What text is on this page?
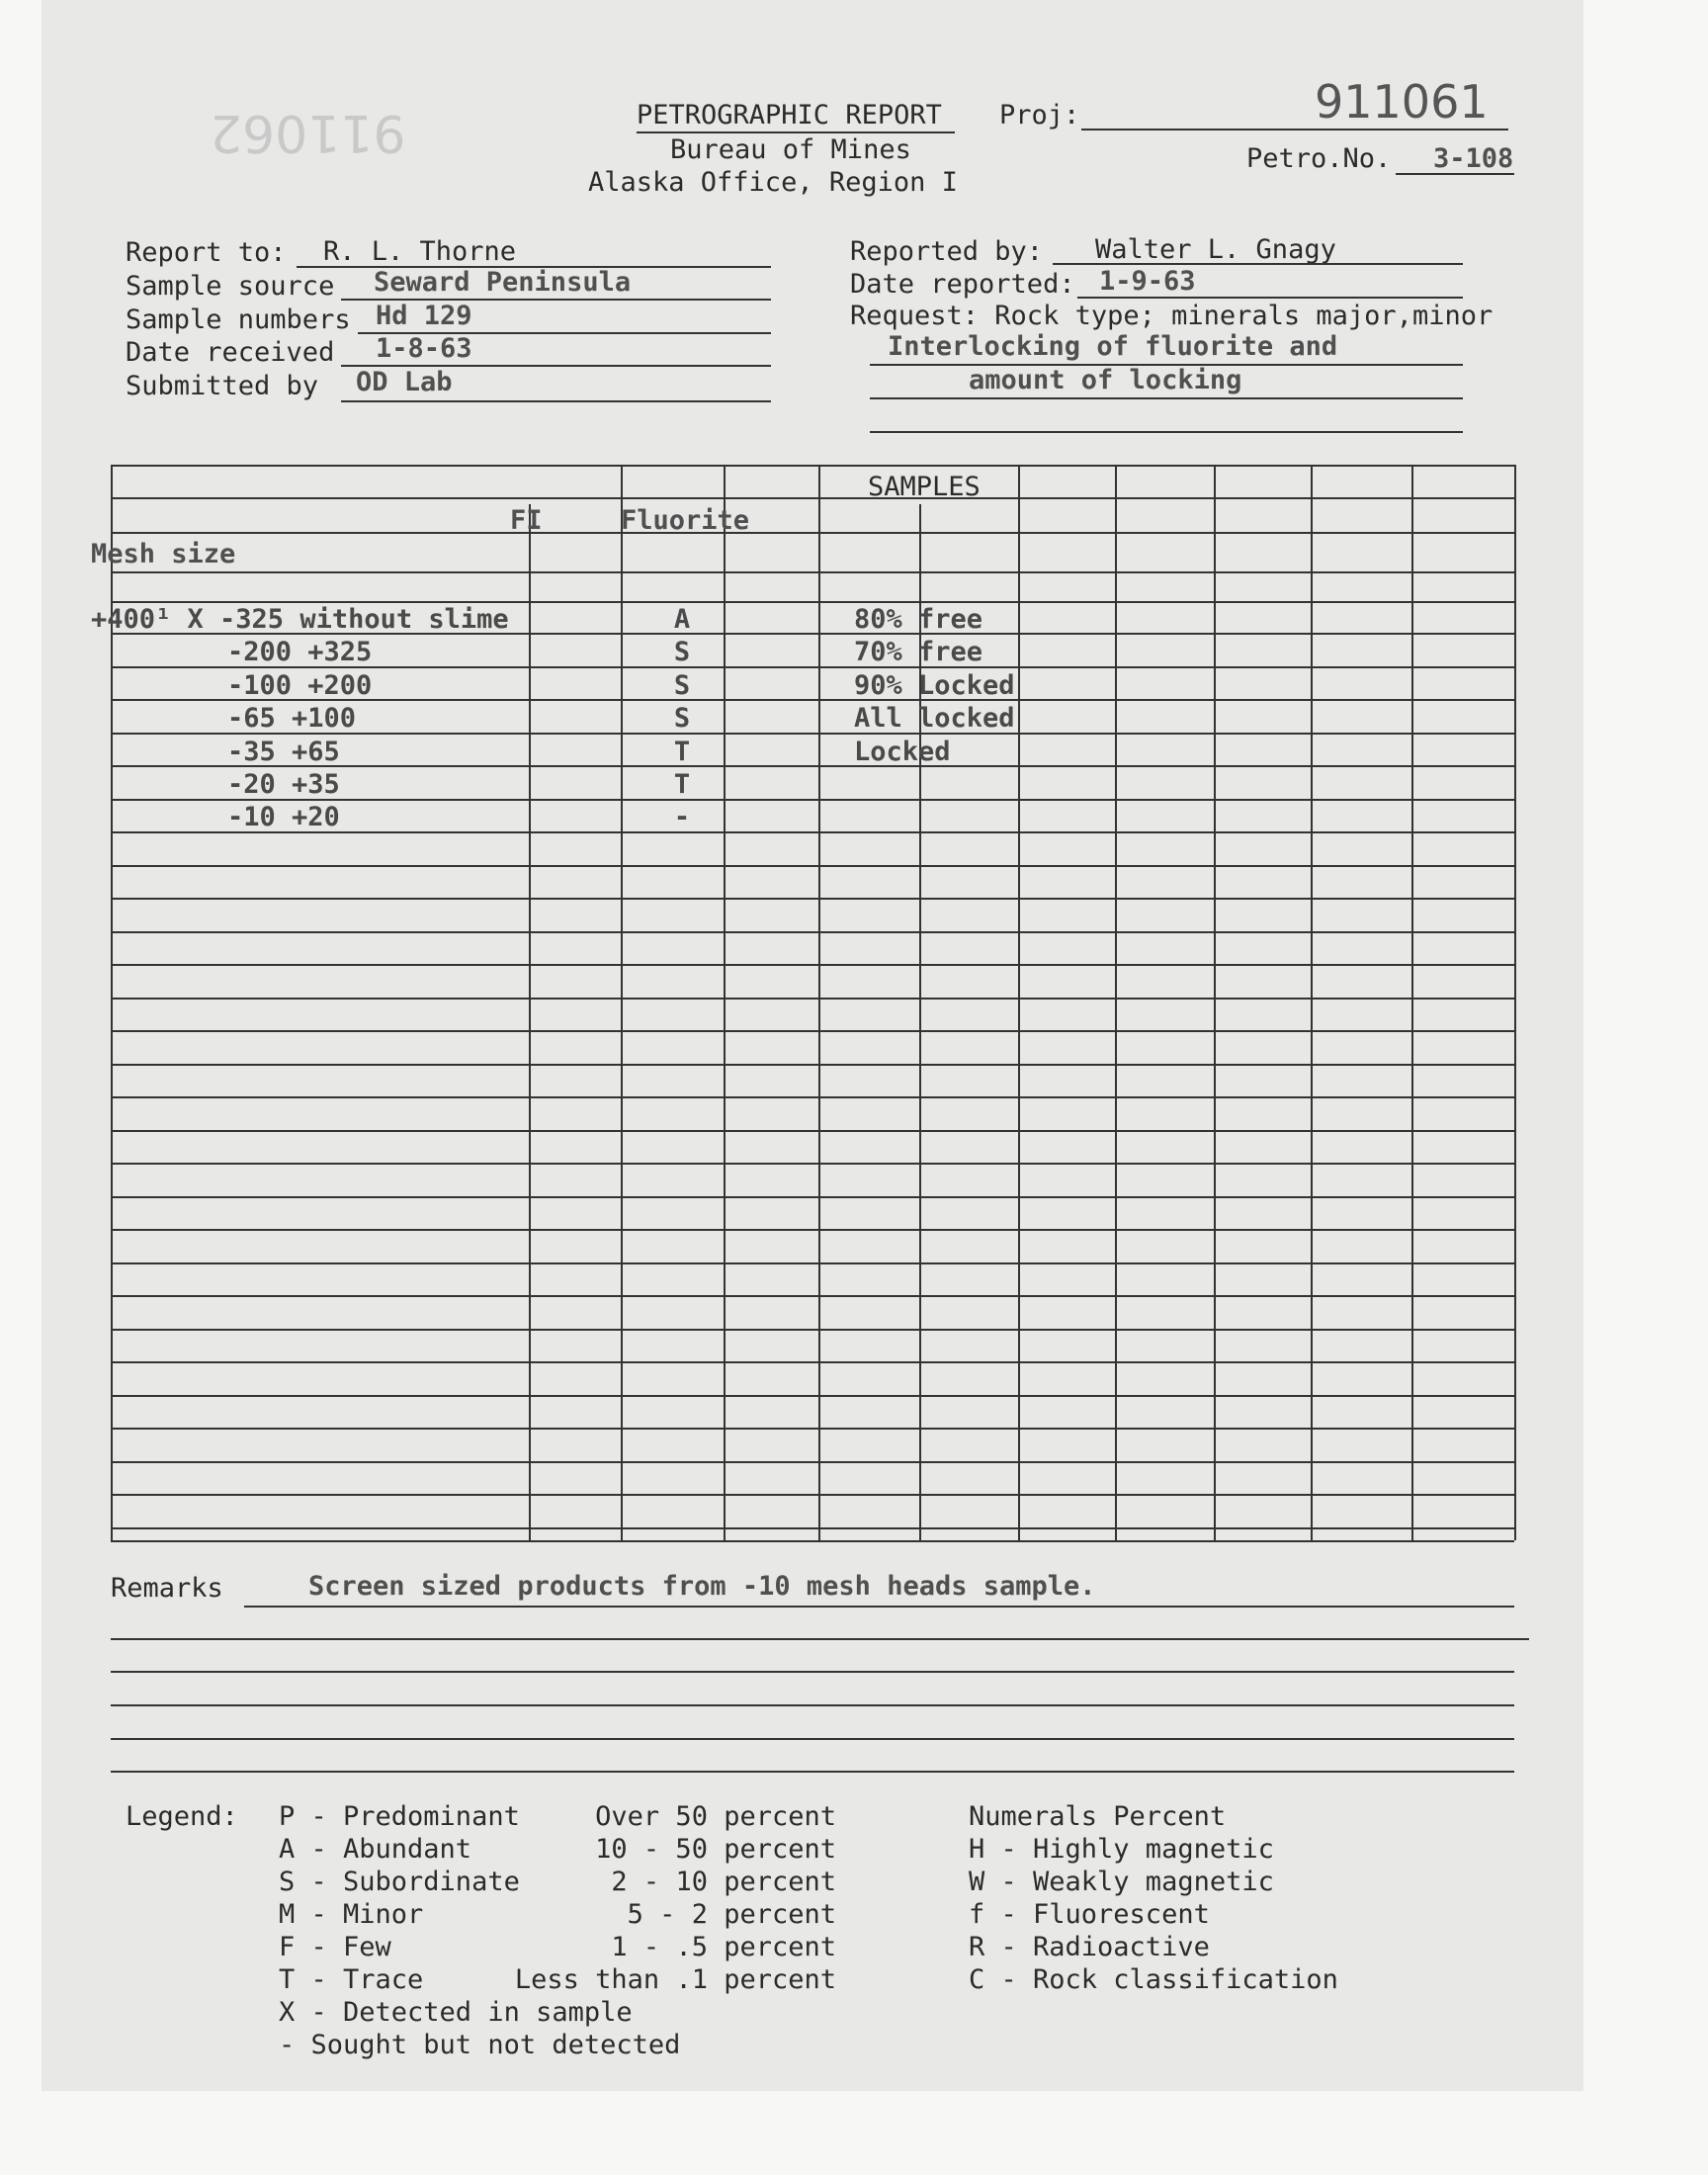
911062
911061
PETROGRAPHIC REPORT
Bureau of Mines
Alaska Office, Region I
Proj:
Petro.No. 3-108
Report to: R. L. Thorne
Sample source Seward Peninsula
Sample numbers Hd 129
Date received 1-8-63
Submitted by OD Lab
Reported by: Walter L. Gnagy
Date reported: 1-9-63
Request: Rock type; minerals major,minor
Interlocking of fluorite and
amount of locking
SAMPLES
FI	Fluorite
Mesh size
+400¹ X -325 without slime	A	80% free
-200 +325	S	70% free
-100 +200	S	90% Locked
-65 +100	S	All locked
-35 +65	T	Locked
-20 +35	T
-10 +20	-
Remarks	Screen sized products from -10 mesh heads sample.
Legend: P - Predominant	Over 50 percent
A - Abundant	10 - 50 percent
S - Subordinate	2 - 10 percent
M - Minor	5 - 2 percent
F - Few	1 - .5 percent
T - Trace	Less than .1 percent
X - Detected in sample
- Sought but not detected
Numerals Percent
H - Highly magnetic
W - Weakly magnetic
f - Fluorescent
R - Radioactive
C - Rock classification
